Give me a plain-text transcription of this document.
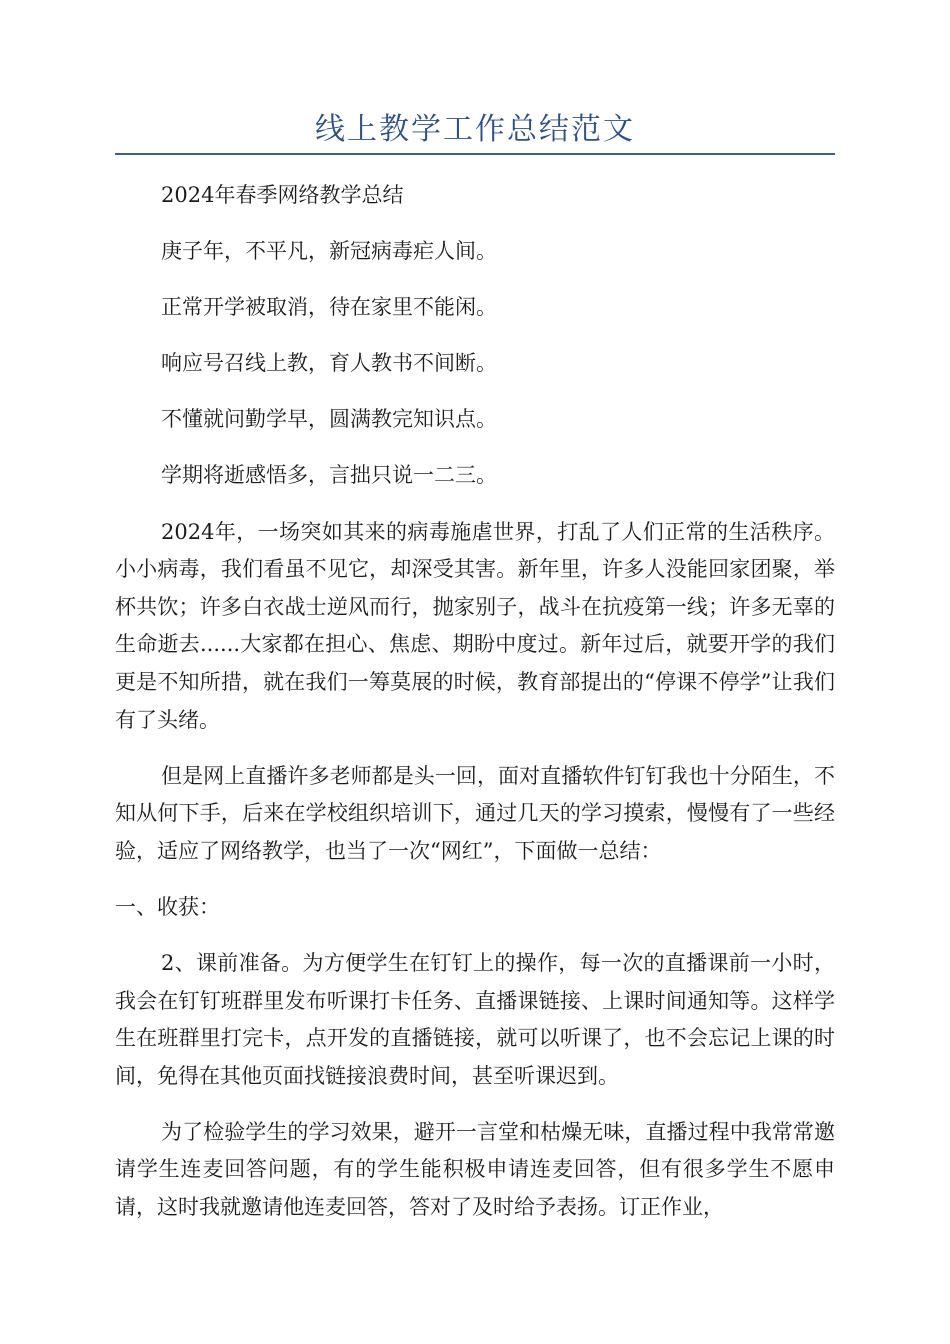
线上教学工作总结范文

2024年春季网络教学总结

庚子年，不平凡，新冠病毒疟人间。

正常开学被取消，待在家里不能闲。

响应号召线上教，育人教书不间断。

不懂就问勤学早，圆满教完知识点。

学期将逝感悟多，言拙只说一二三。

2024年，一场突如其来的病毒施虐世界，打乱了人们正常的生活秩序。小小病毒，我们看虽不见它，却深受其害。新年里，许多人没能回家团聚，举杯共饮；许多白衣战士逆风而行，抛家别子，战斗在抗疫第一线；许多无辜的生命逝去......大家都在担心、焦虑、期盼中度过。新年过后，就要开学的我们更是不知所措，就在我们一筹莫展的时候，教育部提出的“停课不停学”让我们有了头绪。

但是网上直播许多老师都是头一回，面对直播软件钉钉我也十分陌生，不知从何下手，后来在学校组织培训下，通过几天的学习摸索，慢慢有了一些经验，适应了网络教学，也当了一次“网红”，下面做一总结：

一、收获：

2、课前准备。为方便学生在钉钉上的操作，每一次的直播课前一小时，我会在钉钉班群里发布听课打卡任务、直播课链接、上课时间通知等。这样学生在班群里打完卡，点开发的直播链接，就可以听课了，也不会忘记上课的时间，免得在其他页面找链接浪费时间，甚至听课迟到。

为了检验学生的学习效果，避开一言堂和枯燥无味，直播过程中我常常邀请学生连麦回答问题，有的学生能积极申请连麦回答，但有很多学生不愿申请，这时我就邀请他连麦回答，答对了及时给予表扬。订正作业，
